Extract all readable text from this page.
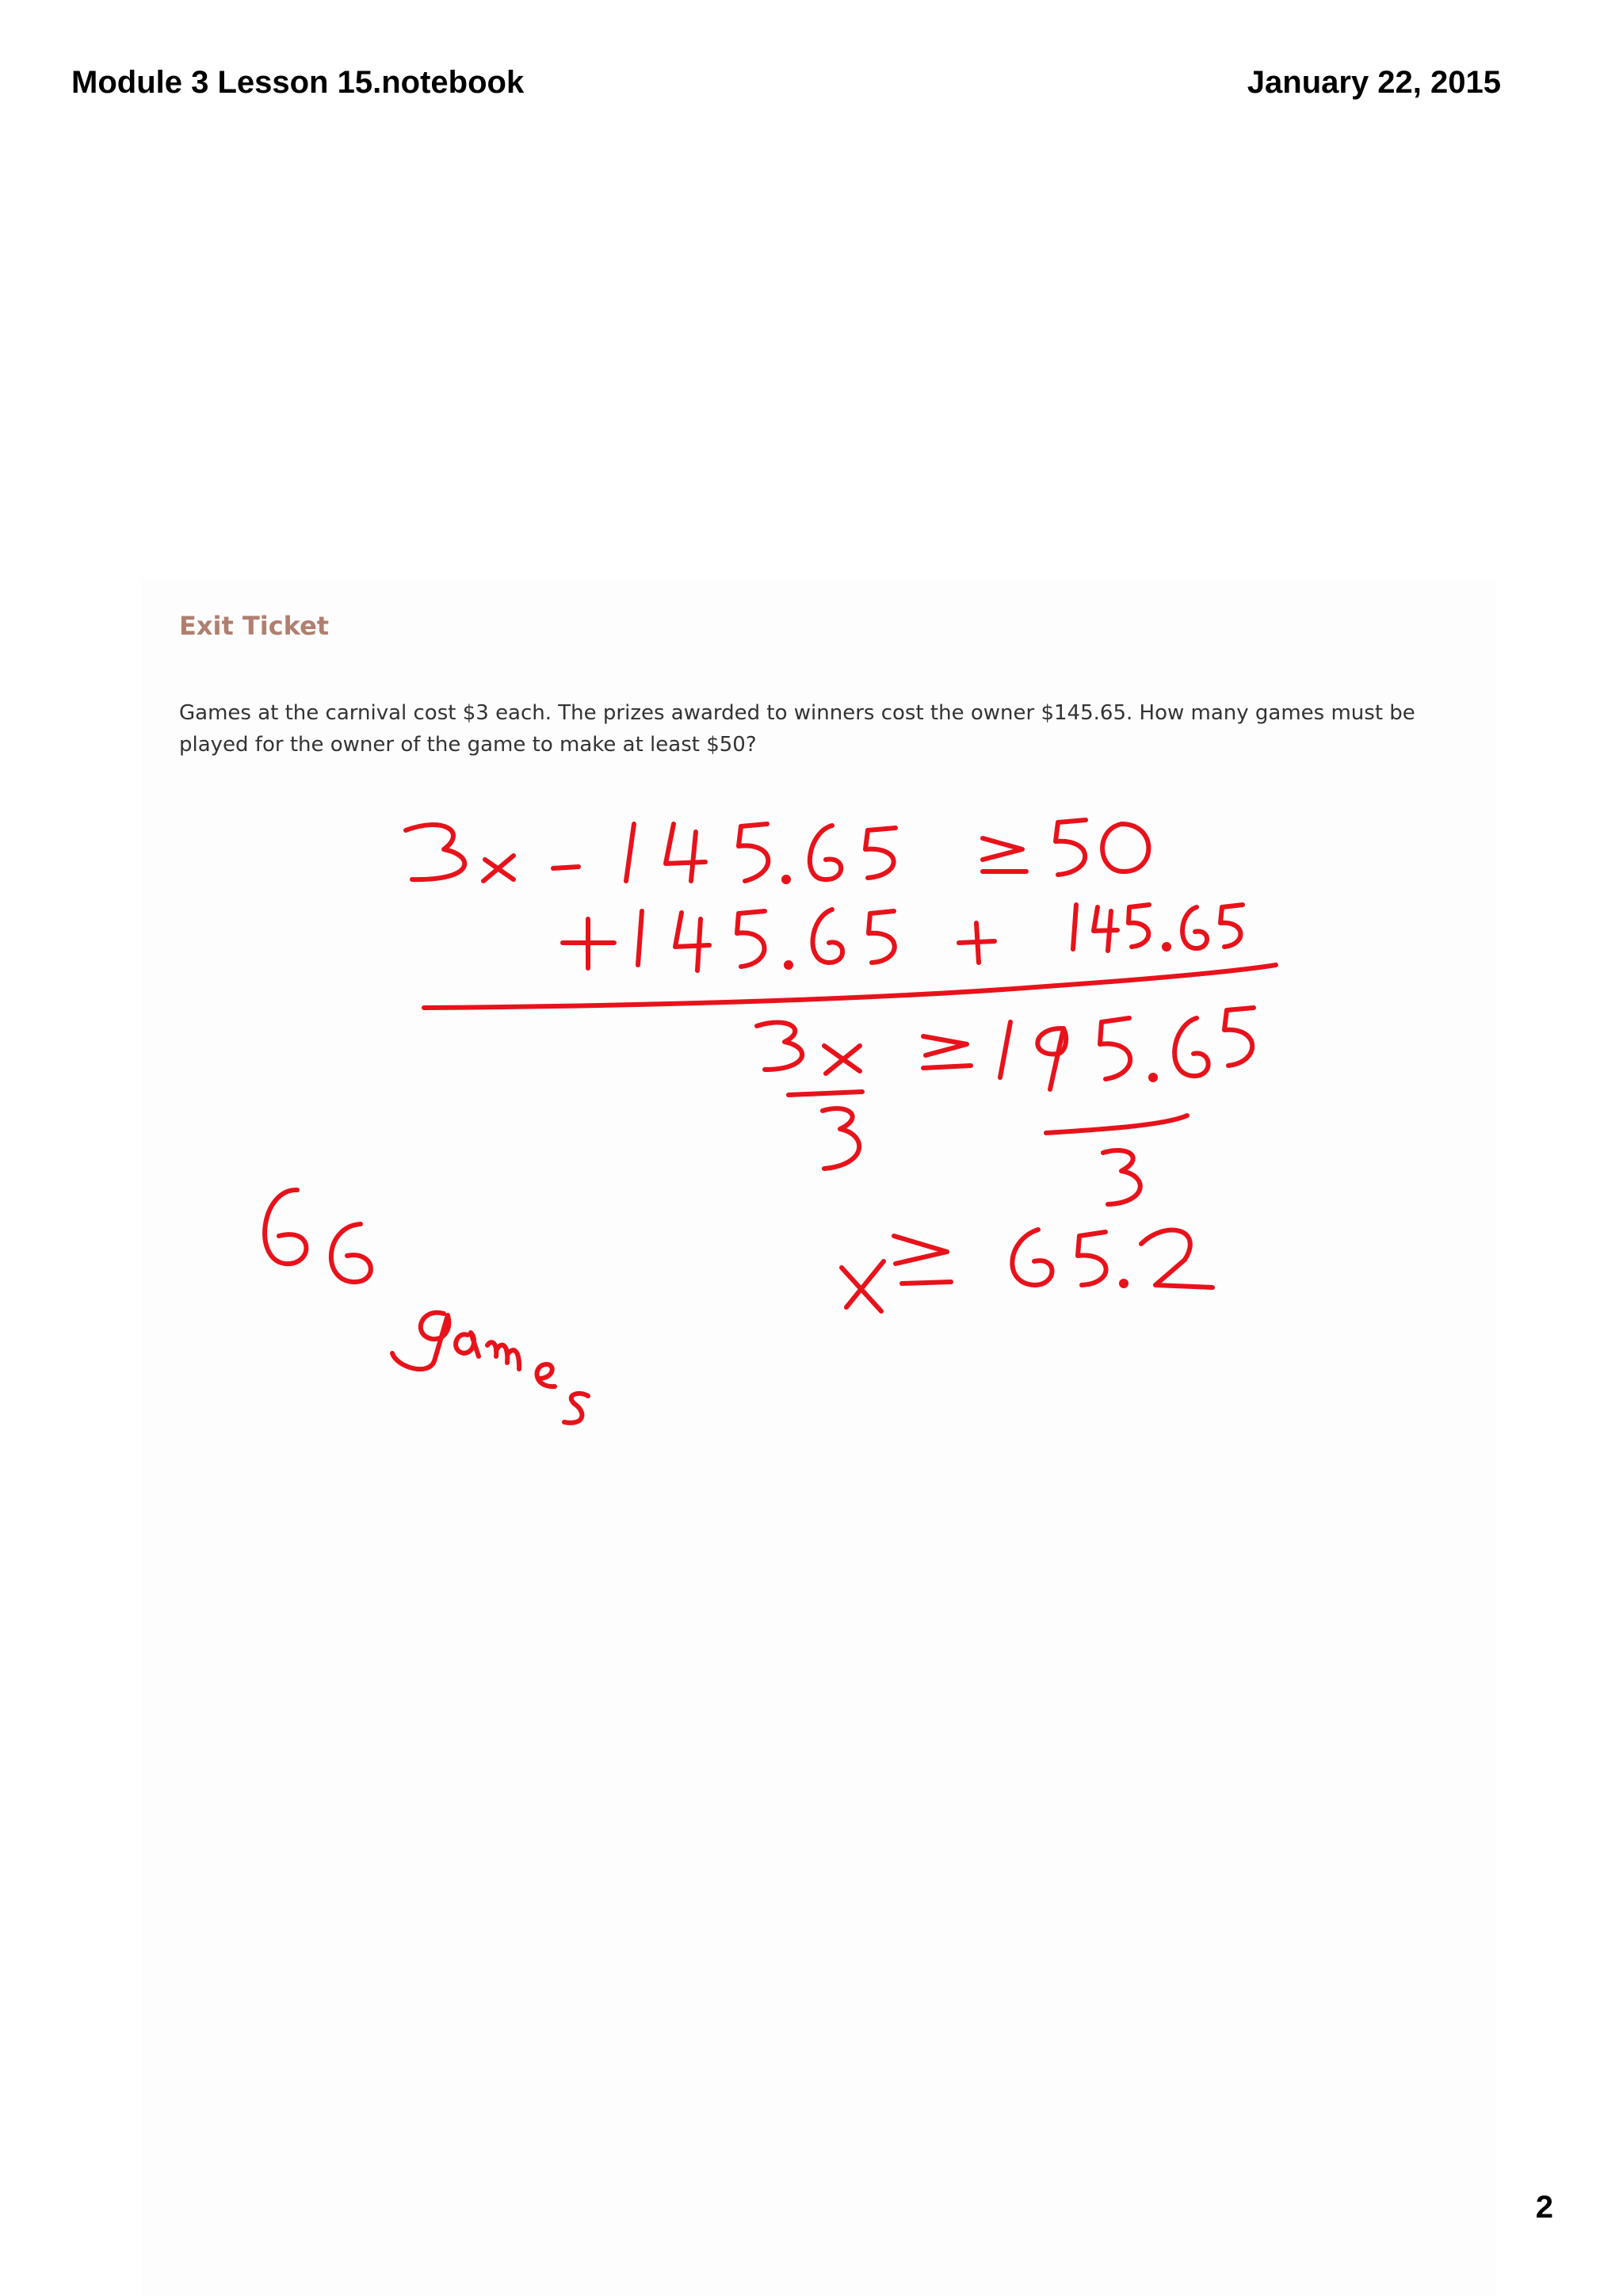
Module 3 Lesson 15.notebook	January 22, 2015
Exit Ticket
Games at the carnival cost $3 each. The prizes awarded to winners cost the owner $145.65. How many games must be played for the owner of the game to make at least $50?
2
